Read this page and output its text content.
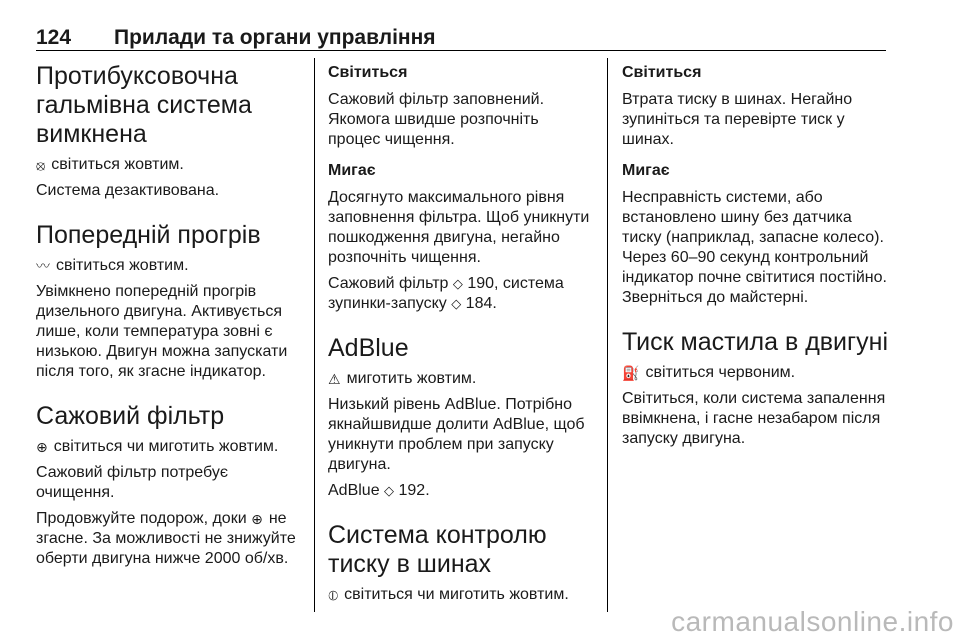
124 Прилади та органи управління
Протибуксовочна гальмівна система вимкнена

⦻ світиться жовтим.

Система дезактивована.

Попередній прогрів

〰 світиться жовтим.

Увімкнено попередній прогрів дизельного двигуна. Активується лише, коли температура зовні є низькою. Двигун можна запускати після того, як згасне індикатор.

Сажовий фільтр

⊕ світиться чи миготить жовтим.

Сажовий фільтр потребує очищення.

Продовжуйте подорож, доки ⊕ не згасне. За можливості не знижуйте оберти двигуна нижче 2000 об/хв.

Світиться

Сажовий фільтр заповнений. Якомога швидше розпочніть процес чищення.

Мигає

Досягнуто максимального рівня заповнення фільтра. Щоб уникнути пошкодження двигуна, негайно розпочніть чищення.

Сажовий фільтр ◇ 190, система зупинки-запуску ◇ 184.

AdBlue

⚠ миготить жовтим.

Низький рівень AdBlue. Потрібно якнайшвидше долити AdBlue, щоб уникнути проблем при запуску двигуна.

AdBlue ◇ 192.

Система контролю тиску в шинах

⦶ світиться чи миготить жовтим.

Світиться

Втрата тиску в шинах. Негайно зупиніться та перевірте тиск у шинах.

Мигає

Несправність системи, або встановлено шину без датчика тиску (наприклад, запасне колесо). Через 60–90 секунд контрольний індикатор почне світитися постійно. Зверніться до майстерні.

Тиск мастила в двигуні

⛽ світиться червоним.

Світиться, коли система запалення ввімкнена, і гасне незабаром після запуску двигуна.

carmanualsonline.info
